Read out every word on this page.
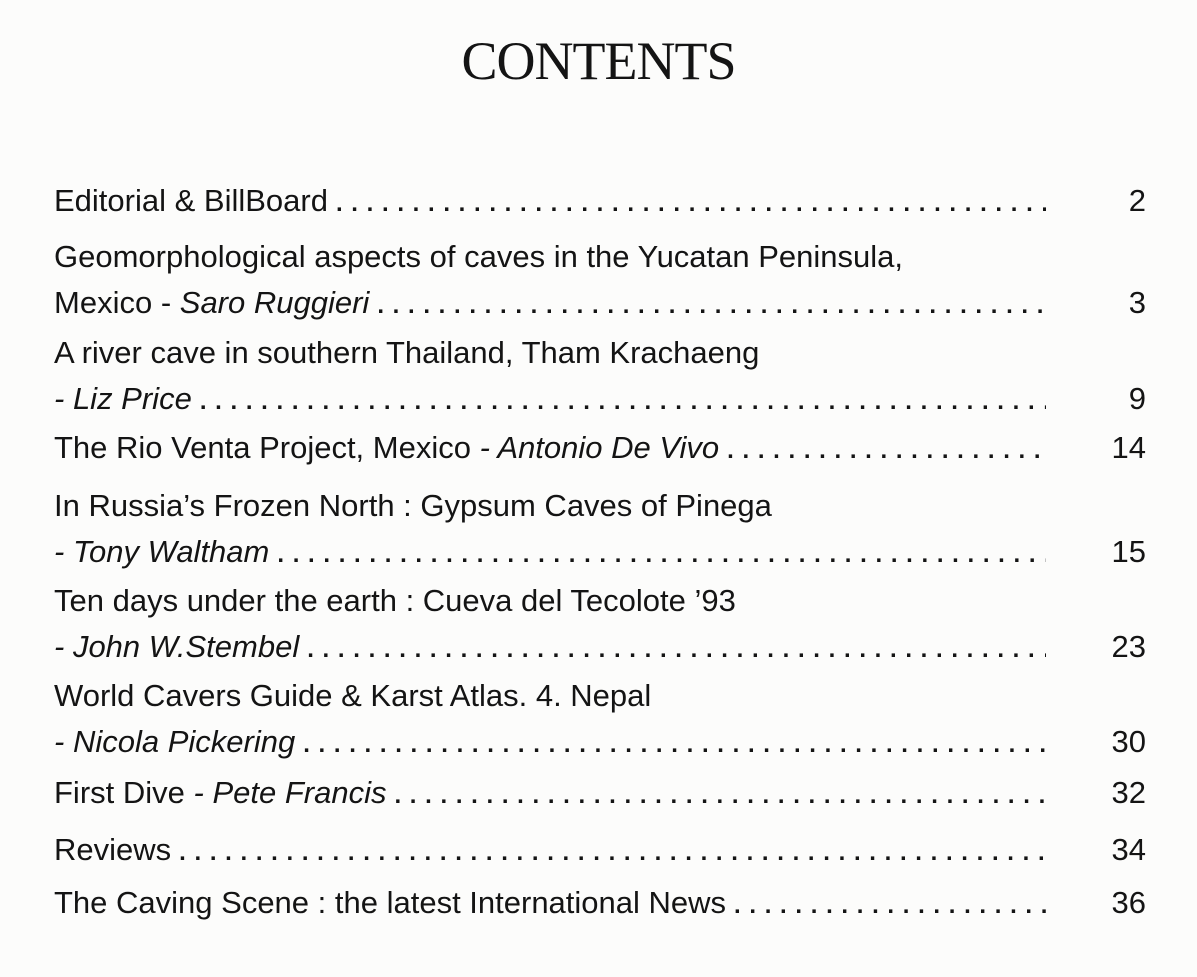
CONTENTS
Editorial & BillBoard . . .	2
Geomorphological aspects of caves in the Yucatan Peninsula,
Mexico - Saro Ruggieri . . .	3
A river cave in southern Thailand, Tham Krachaeng
- Liz Price . . .	9
The Rio Venta Project, Mexico - Antonio De Vivo . . .	14
In Russia’s Frozen North : Gypsum Caves of Pinega
- Tony Waltham . . .	15
Ten days under the earth : Cueva del Tecolote ’93
- John W.Stembel . . .	23
World Cavers Guide & Karst Atlas. 4. Nepal
- Nicola Pickering . . .	30
First Dive - Pete Francis . . .	32
Reviews . . .	34
The Caving Scene : the latest International News . . .	36
